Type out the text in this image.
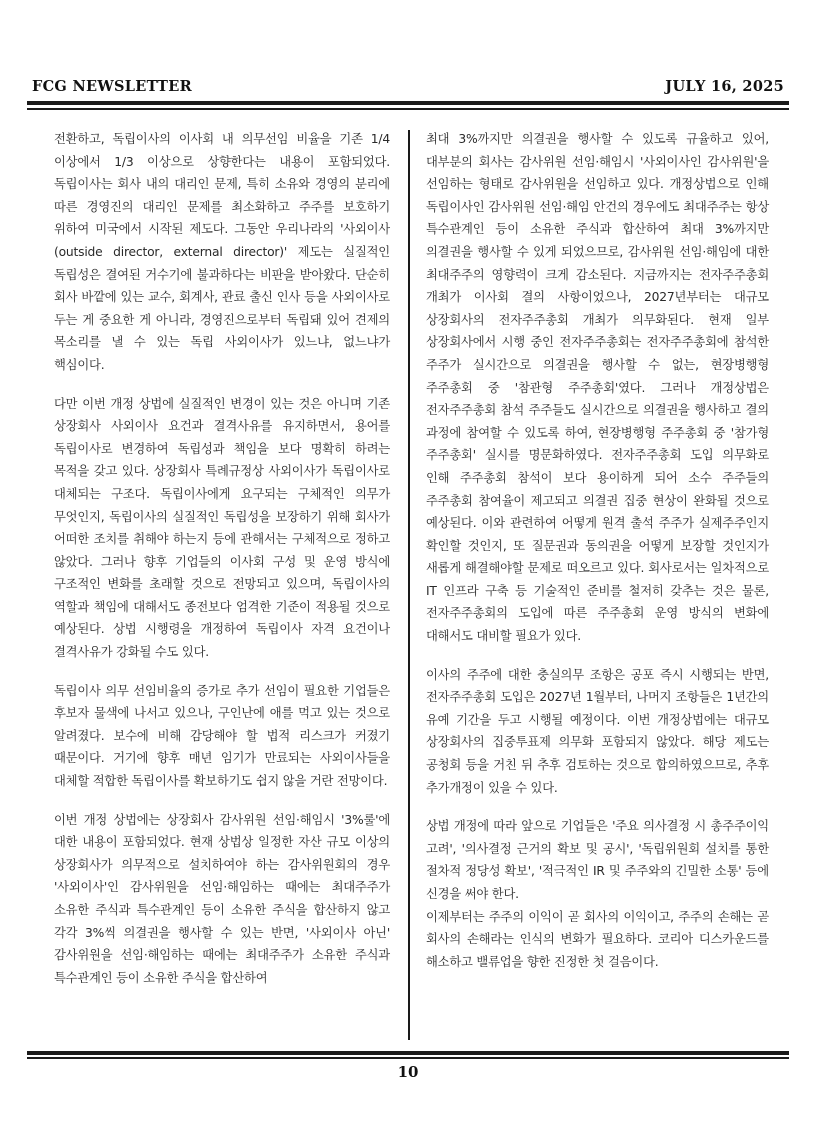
FCG NEWSLETTER	JULY 16, 2025

전환하고, 독립이사의 이사회 내 의무선임 비율을 기존 1/4 이상에서 1/3 이상으로 상향한다는 내용이 포함되었다. 독립이사는 회사 내의 대리인 문제, 특히 소유와 경영의 분리에 따른 경영진의 대리인 문제를 최소화하고 주주를 보호하기 위하여 미국에서 시작된 제도다. 그동안 우리나라의 '사외이사(outside director, external director)' 제도는 실질적인 독립성은 결여된 거수기에 불과하다는 비판을 받아왔다. 단순히 회사 바깥에 있는 교수, 회계사, 관료 출신 인사 등을 사외이사로 두는 게 중요한 게 아니라, 경영진으로부터 독립돼 있어 견제의 목소리를 낼 수 있는 독립 사외이사가 있느냐, 없느냐가 핵심이다.

다만 이번 개정 상법에 실질적인 변경이 있는 것은 아니며 기존 상장회사 사외이사 요건과 결격사유를 유지하면서, 용어를 독립이사로 변경하여 독립성과 책임을 보다 명확히 하려는 목적을 갖고 있다. 상장회사 특례규정상 사외이사가 독립이사로 대체되는 구조다. 독립이사에게 요구되는 구체적인 의무가 무엇인지, 독립이사의 실질적인 독립성을 보장하기 위해 회사가 어떠한 조치를 취해야 하는지 등에 관해서는 구체적으로 정하고 않았다. 그러나 향후 기업들의 이사회 구성 및 운영 방식에 구조적인 변화를 초래할 것으로 전망되고 있으며, 독립이사의 역할과 책임에 대해서도 종전보다 엄격한 기준이 적용될 것으로 예상된다. 상법 시행령을 개정하여 독립이사 자격 요건이나 결격사유가 강화될 수도 있다.

독립이사 의무 선임비율의 증가로 추가 선임이 필요한 기업들은 후보자 물색에 나서고 있으나, 구인난에 애를 먹고 있는 것으로 알려졌다. 보수에 비해 감당해야 할 법적 리스크가 커졌기 때문이다. 거기에 향후 매년 임기가 만료되는 사외이사들을 대체할 적합한 독립이사를 확보하기도 쉽지 않을 거란 전망이다.

이번 개정 상법에는 상장회사 감사위원 선임·해임시 '3%룰'에 대한 내용이 포함되었다. 현재 상법상 일정한 자산 규모 이상의 상장회사가 의무적으로 설치하여야 하는 감사위원회의 경우 '사외이사'인 감사위원을 선임·해임하는 때에는 최대주주가 소유한 주식과 특수관계인 등이 소유한 주식을 합산하지 않고 각각 3%씩 의결권을 행사할 수 있는 반면, '사외이사 아닌' 감사위원을 선임·해임하는 때에는 최대주주가 소유한 주식과 특수관계인 등이 소유한 주식을 합산하여

최대 3%까지만 의결권을 행사할 수 있도록 규율하고 있어, 대부분의 회사는 감사위원 선임·해임시 '사외이사인 감사위원'을 선임하는 형태로 감사위원을 선임하고 있다. 개정상법으로 인해 독립이사인 감사위원 선임·해임 안건의 경우에도 최대주주는 항상 특수관계인 등이 소유한 주식과 합산하여 최대 3%까지만 의결권을 행사할 수 있게 되었으므로, 감사위원 선임·해임에 대한 최대주주의 영향력이 크게 감소된다. 지금까지는 전자주주총회 개최가 이사회 결의 사항이었으나, 2027년부터는 대규모 상장회사의 전자주주총회 개최가 의무화된다. 현재 일부 상장회사에서 시행 중인 전자주주총회는 전자주주총회에 참석한 주주가 실시간으로 의결권을 행사할 수 없는, 현장병행형 주주총회 중 '참관형 주주총회'였다. 그러나 개정상법은 전자주주총회 참석 주주들도 실시간으로 의결권을 행사하고 결의 과정에 참여할 수 있도록 하여, 현장병행형 주주총회 중 '참가형 주주총회' 실시를 명문화하였다. 전자주주총회 도입 의무화로 인해 주주총회 참석이 보다 용이하게 되어 소수 주주들의 주주총회 참여율이 제고되고 의결권 집중 현상이 완화될 것으로 예상된다. 이와 관련하여 어떻게 원격 출석 주주가 실제주주인지 확인할 것인지, 또 질문권과 동의권을 어떻게 보장할 것인지가 새롭게 해결해야할 문제로 떠오르고 있다. 회사로서는 일차적으로 IT 인프라 구축 등 기술적인 준비를 철저히 갖추는 것은 물론, 전자주주총회의 도입에 따른 주주총회 운영 방식의 변화에 대해서도 대비할 필요가 있다.

이사의 주주에 대한 충실의무 조항은 공포 즉시 시행되는 반면, 전자주주총회 도입은 2027년 1월부터, 나머지 조항들은 1년간의 유예 기간을 두고 시행될 예정이다. 이번 개정상법에는 대규모 상장회사의 집중투표제 의무화 포함되지 않았다. 해당 제도는 공청회 등을 거친 뒤 추후 검토하는 것으로 합의하였으므로, 추후 추가개정이 있을 수 있다.

상법 개정에 따라 앞으로 기업들은 '주요 의사결정 시 총주주이익 고려', '의사결정 근거의 확보 및 공시', '독립위원회 설치를 통한 절차적 정당성 확보', '적극적인 IR 및 주주와의 긴밀한 소통' 등에 신경을 써야 한다.

이제부터는 주주의 이익이 곧 회사의 이익이고, 주주의 손해는 곧 회사의 손해라는 인식의 변화가 필요하다. 코리아 디스카운드를 해소하고 밸류업을 향한 진정한 첫 걸음이다.

10
